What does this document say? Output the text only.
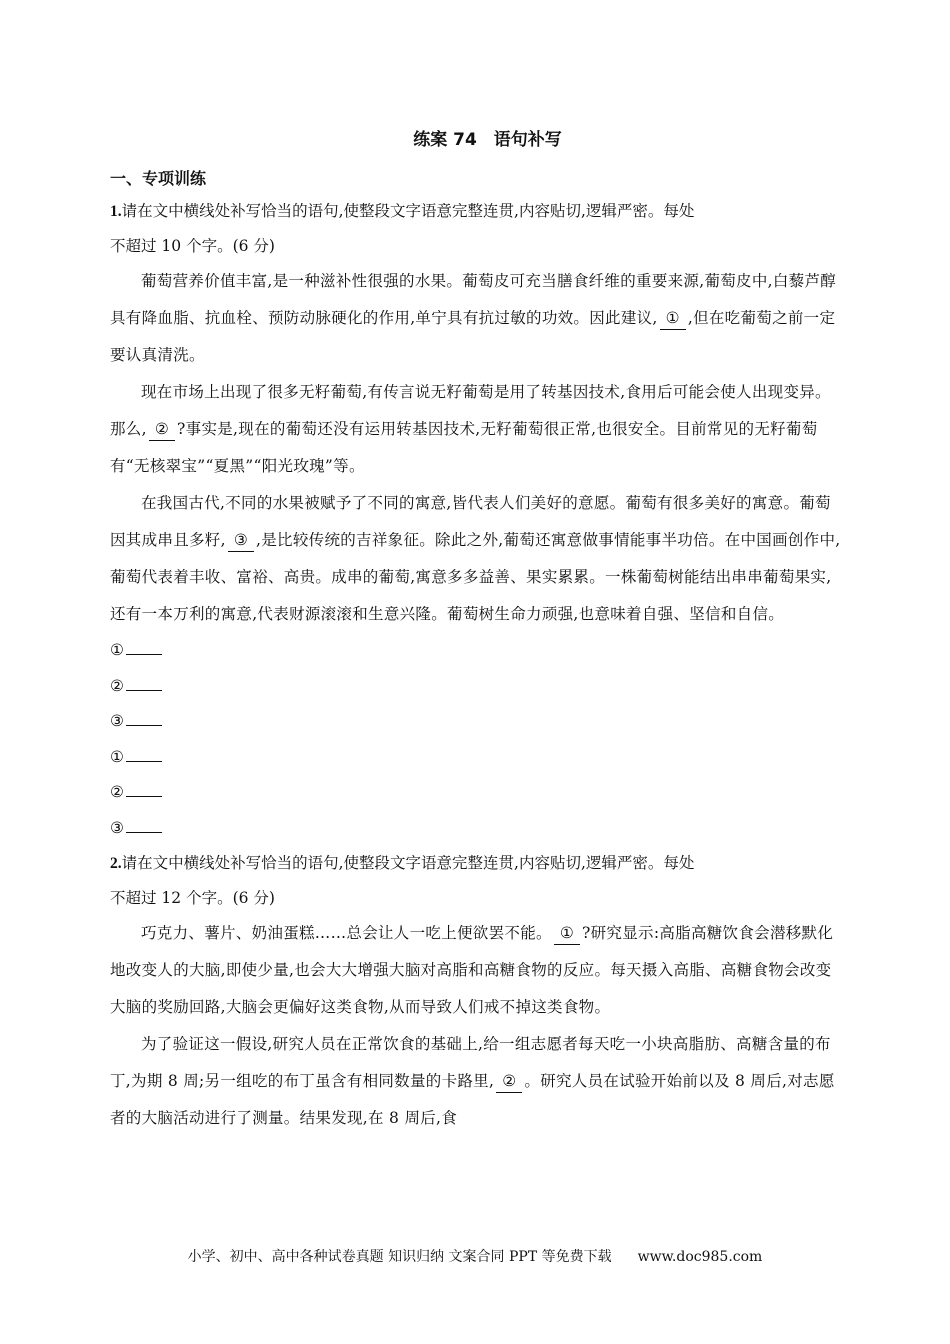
练案 74　语句补写
一、专项训练
1.请在文中横线处补写恰当的语句,使整段文字语意完整连贯,内容贴切,逻辑严密。每处
不超过 10 个字。(6 分)
葡萄营养价值丰富,是一种滋补性很强的水果。葡萄皮可充当膳食纤维的重要来源,葡萄皮中,白藜芦醇具有降血脂、抗血栓、预防动脉硬化的作用,单宁具有抗过敏的功效。因此建议, ① ,但在吃葡萄之前一定要认真清洗。
现在市场上出现了很多无籽葡萄,有传言说无籽葡萄是用了转基因技术,食用后可能会使人出现变异。那么, ② ?事实是,现在的葡萄还没有运用转基因技术,无籽葡萄很正常,也很安全。目前常见的无籽葡萄有“无核翠宝”“夏黑”“阳光玫瑰”等。
在我国古代,不同的水果被赋予了不同的寓意,皆代表人们美好的意愿。葡萄有很多美好的寓意。葡萄因其成串且多籽, ③ ,是比较传统的吉祥象征。除此之外,葡萄还寓意做事情能事半功倍。在中国画创作中,葡萄代表着丰收、富裕、高贵。成串的葡萄,寓意多多益善、果实累累。一株葡萄树能结出串串葡萄果实,还有一本万利的寓意,代表财源滚滚和生意兴隆。葡萄树生命力顽强,也意味着自强、坚信和自信。
①
②
③
①
②
③
2.请在文中横线处补写恰当的语句,使整段文字语意完整连贯,内容贴切,逻辑严密。每处
不超过 12 个字。(6 分)
巧克力、薯片、奶油蛋糕……总会让人一吃上便欲罢不能。 ① ?研究显示:高脂高糖饮食会潜移默化地改变人的大脑,即使少量,也会大大增强大脑对高脂和高糖食物的反应。每天摄入高脂、高糖食物会改变大脑的奖励回路,大脑会更偏好这类食物,从而导致人们戒不掉这类食物。
为了验证这一假设,研究人员在正常饮食的基础上,给一组志愿者每天吃一小块高脂肪、高糖含量的布丁,为期 8 周;另一组吃的布丁虽含有相同数量的卡路里, ② 。研究人员在试验开始前以及 8 周后,对志愿者的大脑活动进行了测量。结果发现,在 8 周后,食
小学、初中、高中各种试卷真题 知识归纳 文案合同 PPT 等免费下载 www.doc985.com
